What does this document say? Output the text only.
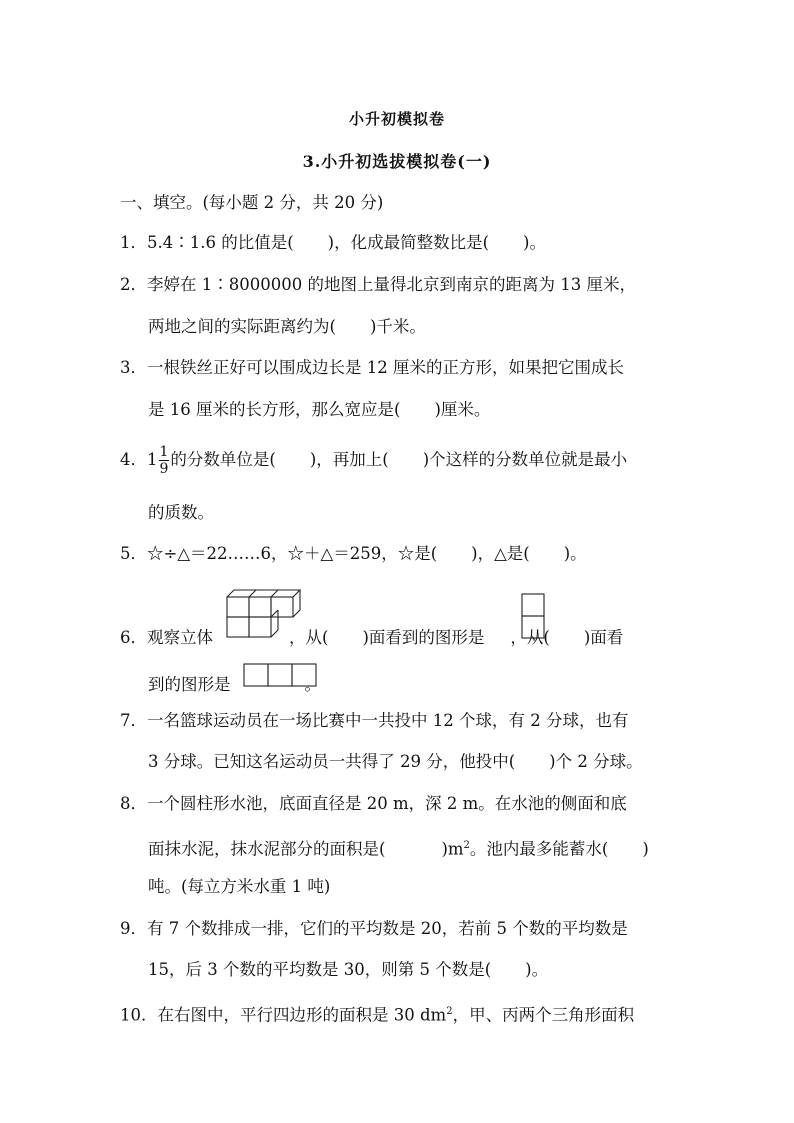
小升初模拟卷
3.小升初选拔模拟卷(一)
一、填空。(每小题 2 分，共 20 分)
1．5.4∶1.6 的比值是( )，化成最简整数比是( )。
2．李婷在 1∶8000000 的地图上量得北京到南京的距离为 13 厘米，
两地之间的实际距离约为( )千米。
3．一根铁丝正好可以围成边长是 12 厘米的正方形，如果把它围成长
是 16 厘米的长方形，那么宽应是( )厘米。
4．$1 \frac{1}{9}$ 的分数单位是( )，再加上( )个这样的分数单位就是最小
的质数。
5．☆÷△＝22……6，☆＋△＝259，☆是( )，△是( )。
6．观察立体	，从( )面看到的图形是 ，从( )面看
到的图形是	。
7．一名篮球运动员在一场比赛中一共投中 12 个球，有 2 分球，也有
3 分球。已知这名运动员一共得了 29 分，他投中( )个 2 分球。
8．一个圆柱形水池，底面直径是 20 m，深 2 m。在水池的侧面和底
面抹水泥，抹水泥部分的面积是(	)$m^2$。池内最多能蓄水( )
吨。(每立方米水重 1 吨)
9．有 7 个数排成一排，它们的平均数是 20，若前 5 个数的平均数是
15，后 3 个数的平均数是 30，则第 5 个数是( )。
10．在右图中，平行四边形的面积是 30 $dm^2$，甲、丙两个三角形面积
